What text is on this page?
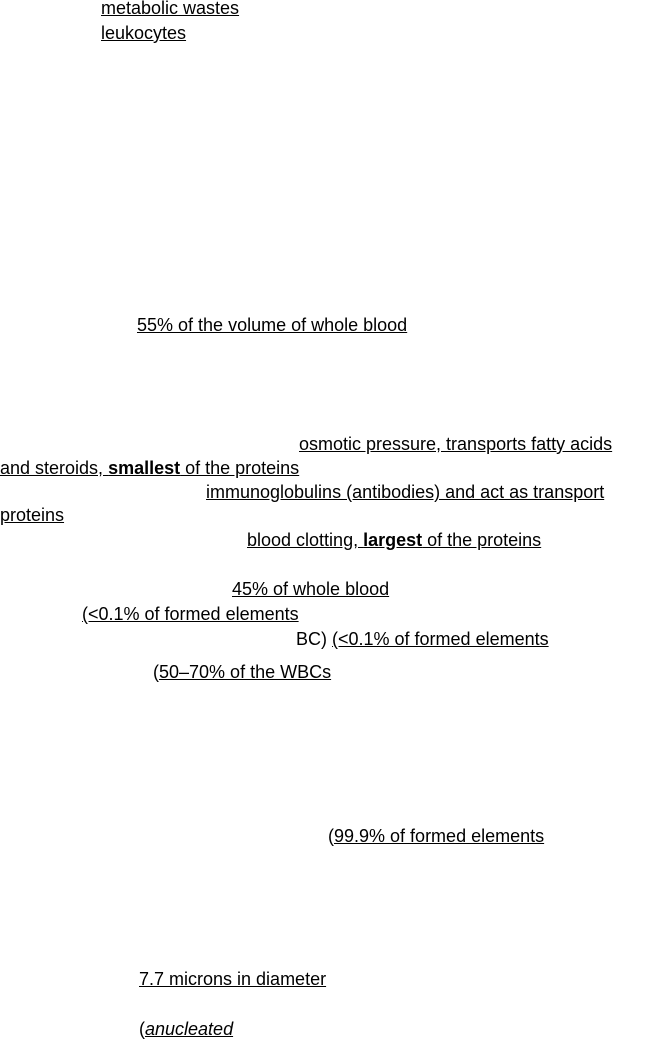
metabolic wastes
leukocytes
55% of the volume of whole blood
osmotic pressure, transports fatty acids
and steroids, smallest of the proteins
immunoglobulins (antibodies) and act as transport
proteins
blood clotting, largest of the proteins
45% of whole blood
(<0.1% of formed elements
BC) (<0.1% of formed elements
(50–70% of the WBCs
(99.9% of formed elements
7.7 microns in diameter
(anucleated
